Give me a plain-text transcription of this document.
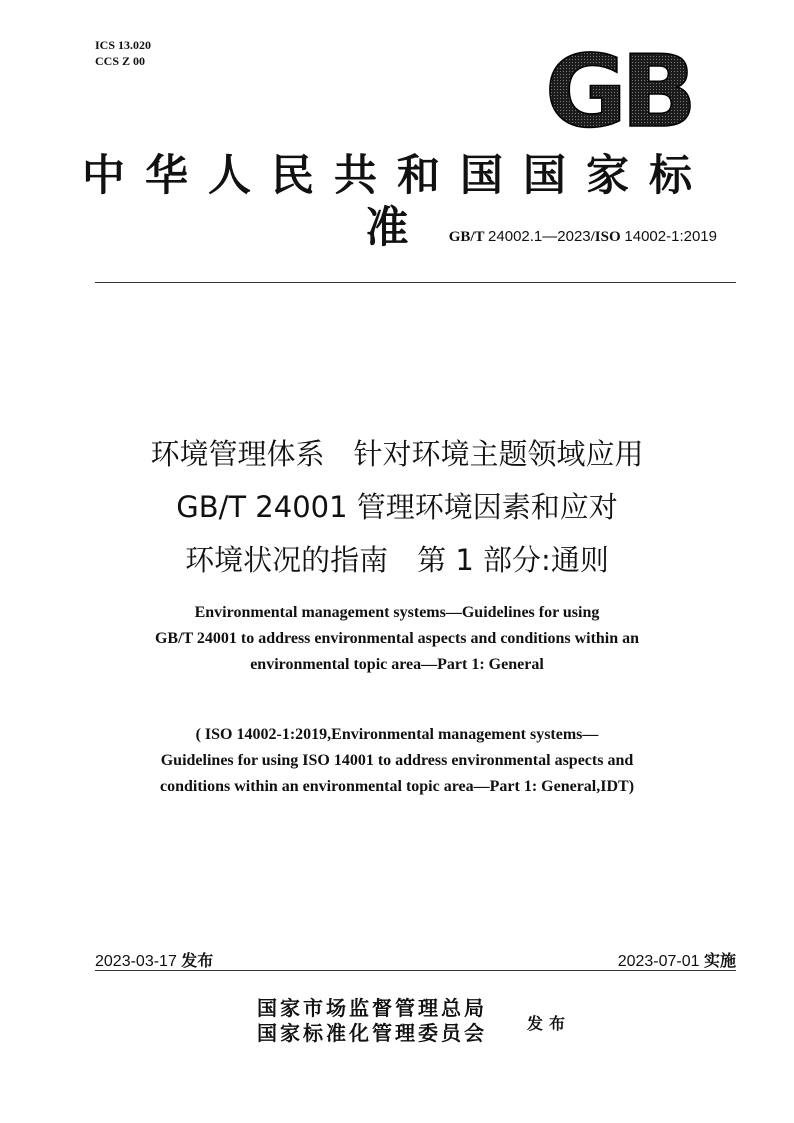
ICS 13.020
CCS Z 00	GB
中华人民共和国国家标准	GB/T 24002.1—2023/ISO 14002-1:2019
环境管理体系　针对环境主题领域应用
GB/T 24001 管理环境因素和应对
环境状况的指南　第 1 部分:通则
Environmental management systems—Guidelines for using
GB/T 24001 to address environmental aspects and conditions within an
environmental topic area—Part 1: General
( ISO 14002-1:2019,Environmental management systems—
Guidelines for using ISO 14001 to address environmental aspects and
conditions within an environmental topic area—Part 1: General,IDT)
2023-03-17 发布	2023-07-01 实施
国家市场监督管理总局
国家标准化管理委员会	发布
